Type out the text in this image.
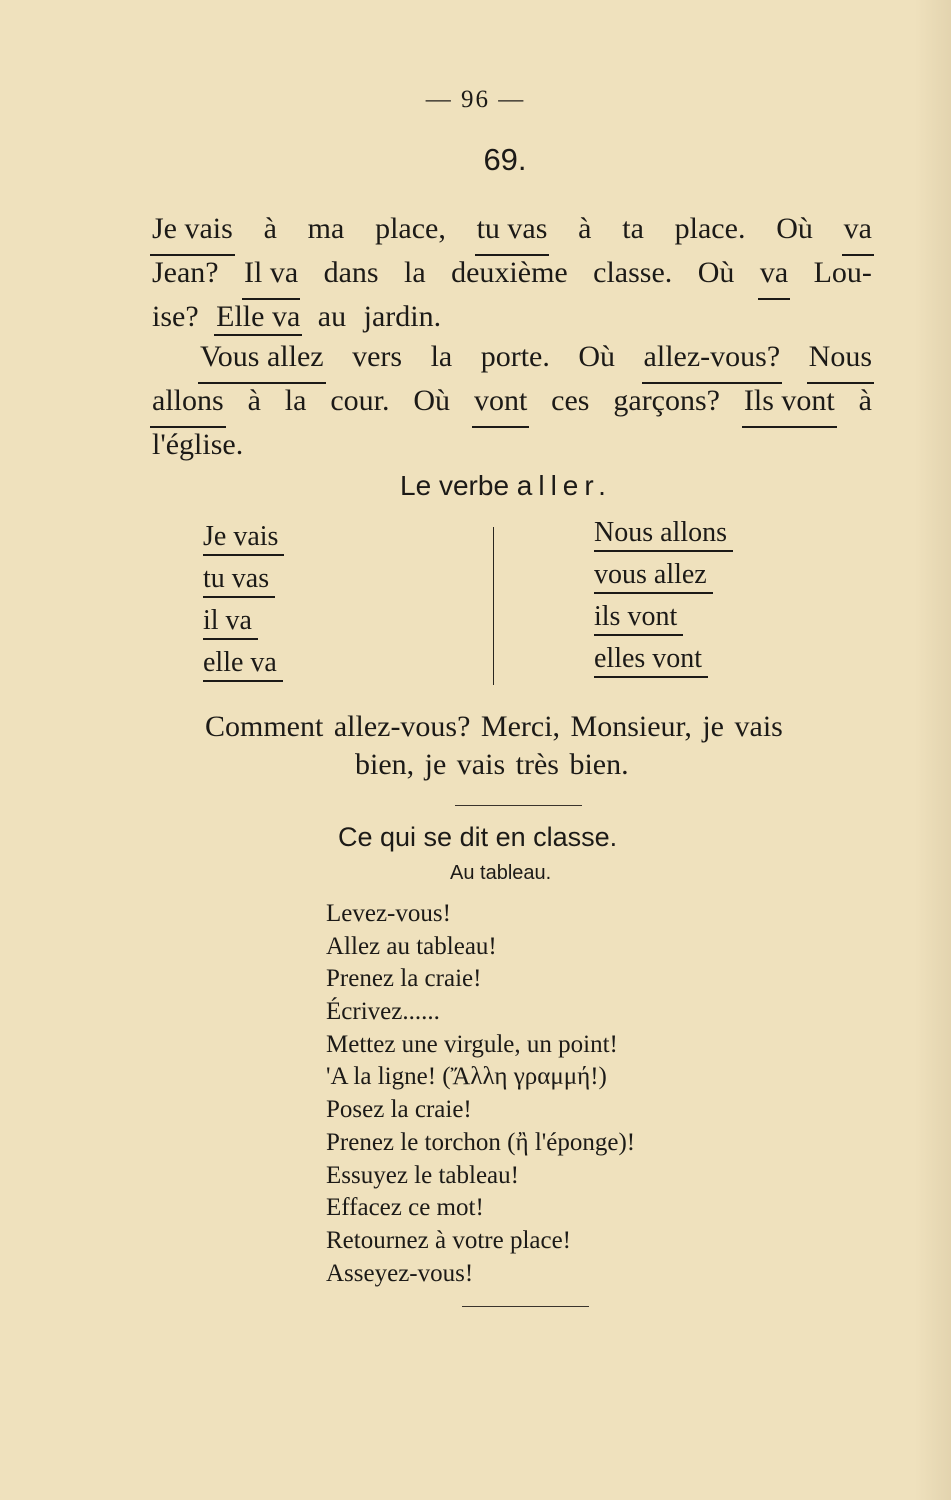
— 96 —
69.
Je vais à ma place, tu vas à ta place. Où va
Jean? Il va dans la deuxième classe. Où va Lou-
ise? Elle va au jardin.
Vous allez vers la porte. Où allez-vous? Nous
allons à la cour. Où vont ces garçons? Ils vont à
l'église.
Le verbe aller.
Je vais
tu vas
il va
elle va
Nous allons
vous allez
ils vont
elles vont
Comment allez-vous? Merci, Monsieur, je vais
bien, je vais très bien.
Ce qui se dit en classe.
Au tableau.
Levez-vous!
Allez au tableau!
Prenez la craie!
Écrivez......
Mettez une virgule, un point!
'A la ligne! (Ἄλλη γραμμή!)
Posez la craie!
Prenez le torchon (ἢ l'éponge)!
Essuyez le tableau!
Effacez ce mot!
Retournez à votre place!
Asseyez-vous!
